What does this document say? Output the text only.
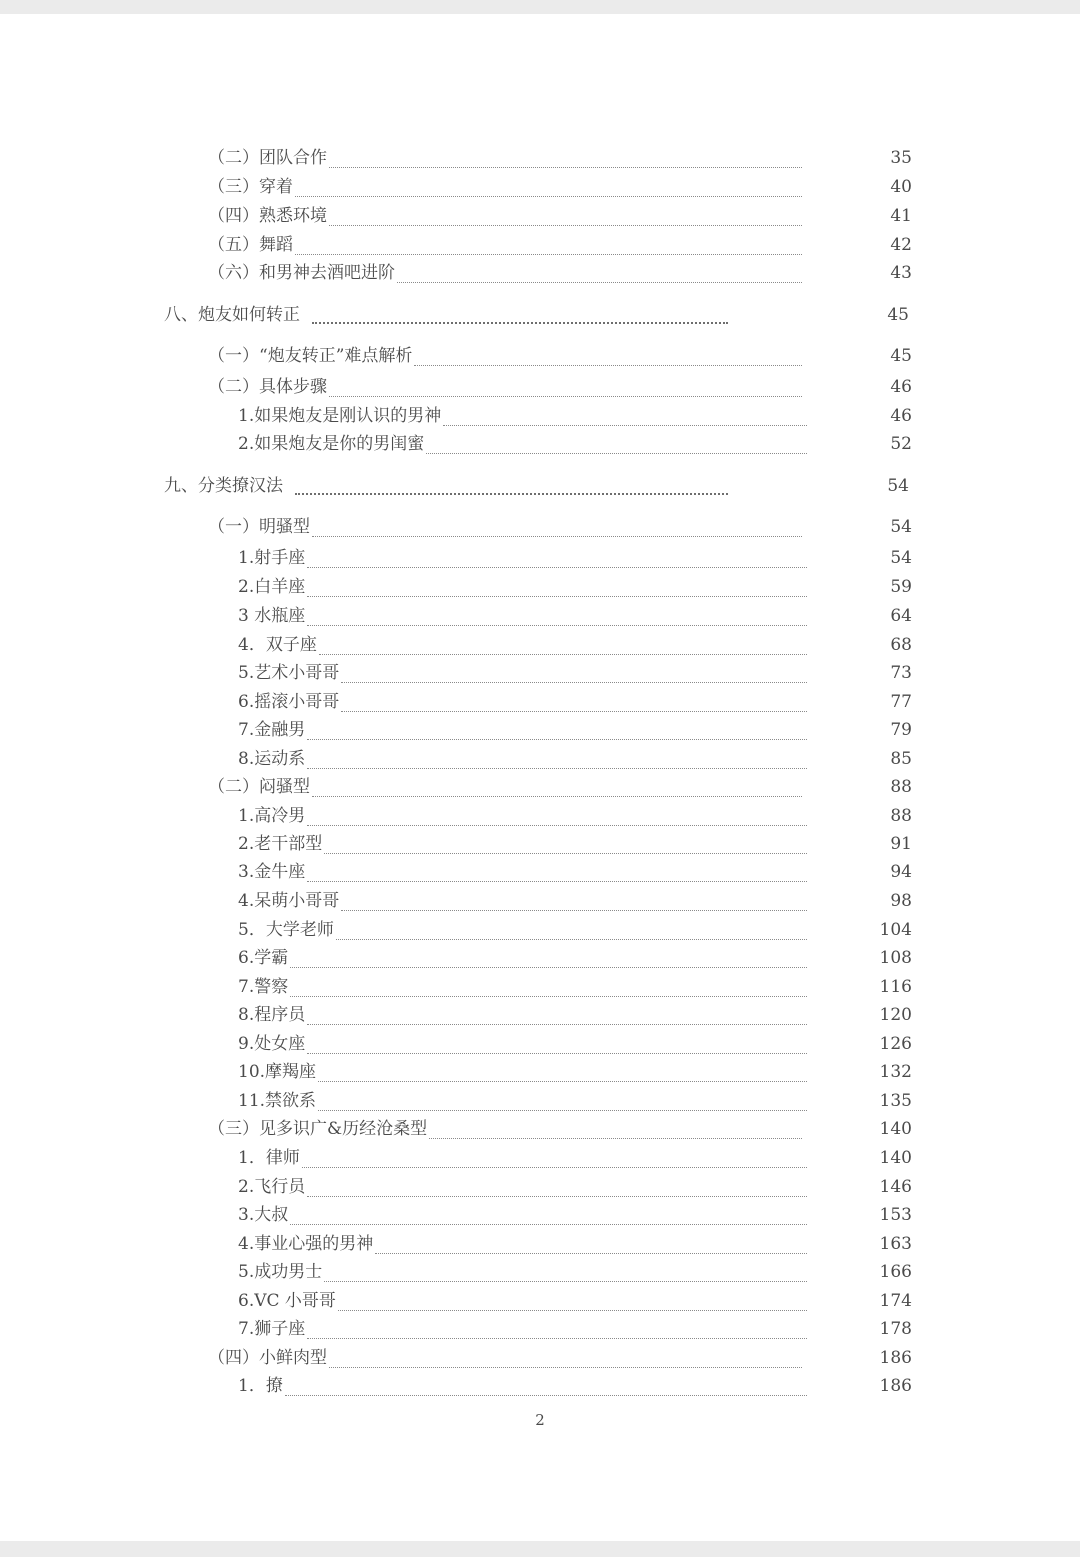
（二）团队合作	35
（三）穿着	40
（四）熟悉环境	41
（五）舞蹈	42
（六）和男神去酒吧进阶	43
八、炮友如何转正	45
（一）“炮友转正”难点解析	45
（二）具体步骤	46
1.如果炮友是刚认识的男神	46
2.如果炮友是你的男闺蜜	52
九、分类撩汉法	54
（一）明骚型	54
1.射手座	54
2.白羊座	59
3 水瓶座	64
4．双子座	68
5.艺术小哥哥	73
6.摇滚小哥哥	77
7.金融男	79
8.运动系	85
（二）闷骚型	88
1.高冷男	88
2.老干部型	91
3.金牛座	94
4.呆萌小哥哥	98
5．大学老师	104
6.学霸	108
7.警察	116
8.程序员	120
9.处女座	126
10.摩羯座	132
11.禁欲系	135
（三）见多识广&历经沧桑型	140
1．律师	140
2.飞行员	146
3.大叔	153
4.事业心强的男神	163
5.成功男士	166
6.VC 小哥哥	174
7.狮子座	178
（四）小鲜肉型	186
1．撩	186
2
